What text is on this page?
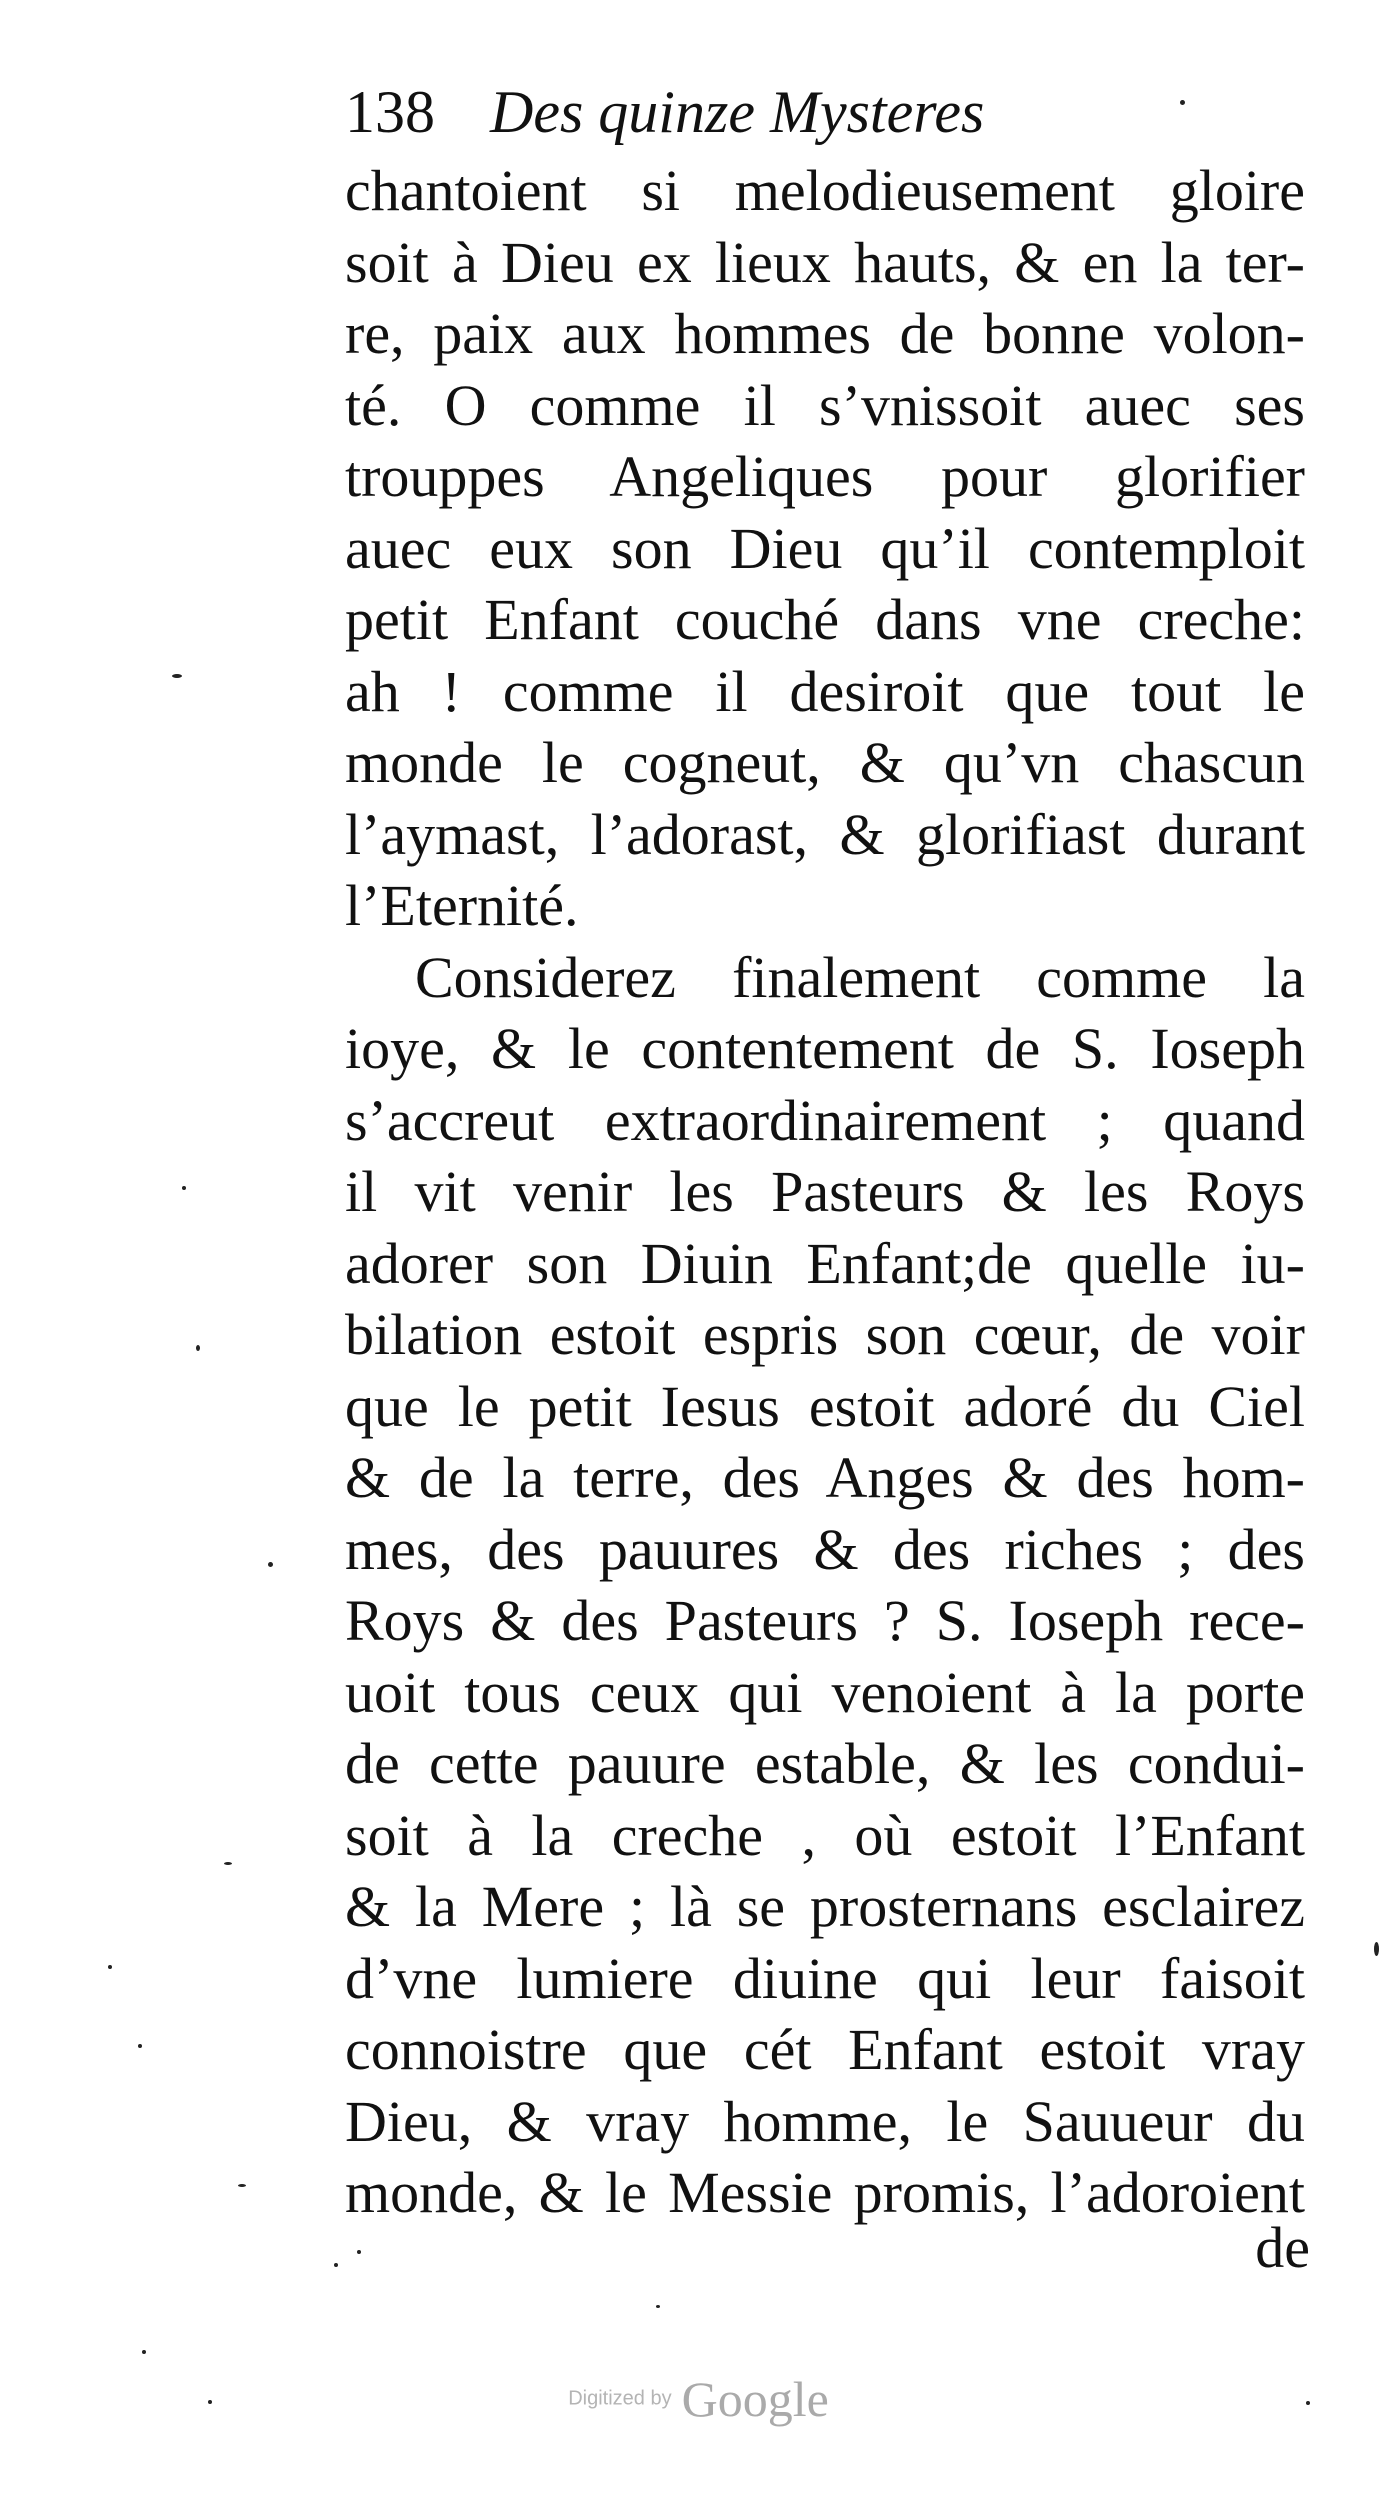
138 Des quinze Mysteres
chantoient si melodieusement gloire
soit à Dieu ex lieux hauts, & en la ter-
re, paix aux hommes de bonne volon-
té. O comme il s’vnissoit auec ses
trouppes Angeliques pour glorifier
auec eux son Dieu qu’il contemploit
petit Enfant couché dans vne creche:
ah ! comme il desiroit que tout le
monde le cogneut, & qu’vn chascun
l’aymast, l’adorast, & glorifiast durant
l’Eternité.
Considerez finalement comme la
ioye, & le contentement de S. Ioseph
s’accreut extraordinairement ; quand
il vit venir les Pasteurs & les Roys
adorer son Diuin Enfant;de quelle iu-
bilation estoit espris son cœur, de voir
que le petit Iesus estoit adoré du Ciel
& de la terre, des Anges & des hom-
mes, des pauures & des riches ; des
Roys & des Pasteurs ? S. Ioseph rece-
uoit tous ceux qui venoient à la porte
de cette pauure estable, & les condui-
soit à la creche , où estoit l’Enfant
& la Mere ; là se prosternans esclairez
d’vne lumiere diuine qui leur faisoit
connoistre que cét Enfant estoit vray
Dieu, & vray homme, le Sauueur du
monde, & le Messie promis, l’adoroient
de
Digitized by Google
